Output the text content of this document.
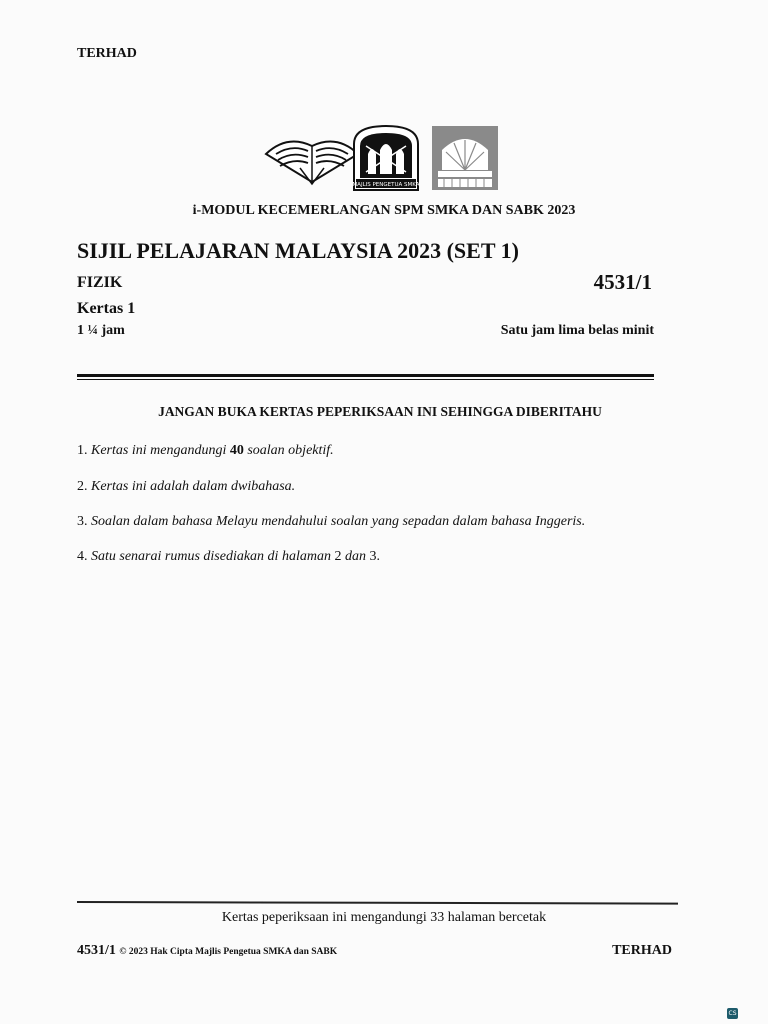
TERHAD
MAJLIS PENGETUA SMKA
i-MODUL KECEMERLANGAN SPM SMKA DAN SABK 2023
SIJIL PELAJARAN MALAYSIA 2023 (SET 1)
FIZIK	4531/1
Kertas 1
1 ¼ jam	Satu jam lima belas minit
JANGAN BUKA KERTAS PEPERIKSAAN INI SEHINGGA DIBERITAHU
1. Kertas ini mengandungi 40 soalan objektif.
2. Kertas ini adalah dalam dwibahasa.
3. Soalan dalam bahasa Melayu mendahului soalan yang sepadan dalam bahasa Inggeris.
4. Satu senarai rumus disediakan di halaman 2 dan 3.
Kertas peperiksaan ini mengandungi 33 halaman bercetak
4531/1 © 2023 Hak Cipta Majlis Pengetua SMKA dan SABK	TERHAD
CS
